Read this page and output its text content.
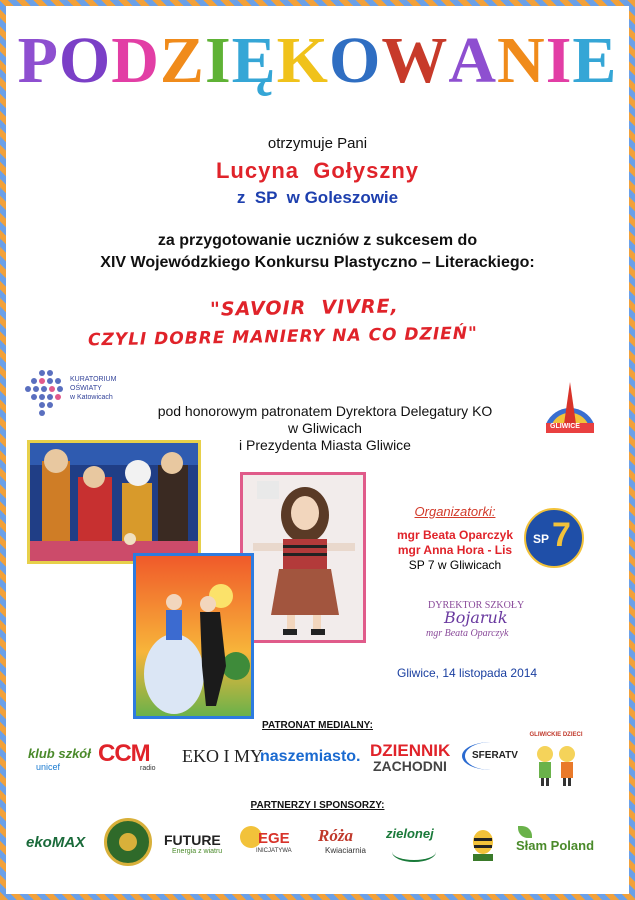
PODZIĘKOWANIE
otrzymuje Pani
Lucyna  Gołyszny
z  SP  w Goleszowie
za przygotowanie uczniów z sukcesem do
XIV Wojewódzkiego Konkursu Plastyczno – Literackiego:
"SAVOIR  VIVRE,
CZYLI DOBRE MANIERY NA CO DZIEŃ"
KURATORIUM
OŚWIATY
w Katowicach
pod honorowym patronatem Dyrektora Delegatury KO
w Gliwicach
i Prezydenta Miasta Gliwice
GLIWICE
Organizatorki:
mgr Beata Oparczyk
mgr Anna Hora - Lis
SP 7 w Gliwicach
SP 7
DYREKTOR SZKOŁY
Bojaruk
mgr Beata Oparczyk
Gliwice, 14 listopada 2014
PATRONAT MEDIALNY:
klub szkół
unicef CCM
radio
EKO I MY
naszemiasto. DZIENNIK
ZACHODNI
SFERATV
GLIWICKIE DZIECI
PARTNERZY I SPONSORZY:
ekoMAX	FUTURE
Energia z wiatru
EGE
INICJATYWA
Róża
Kwiaciarnia
zielonej
Słam Poland
